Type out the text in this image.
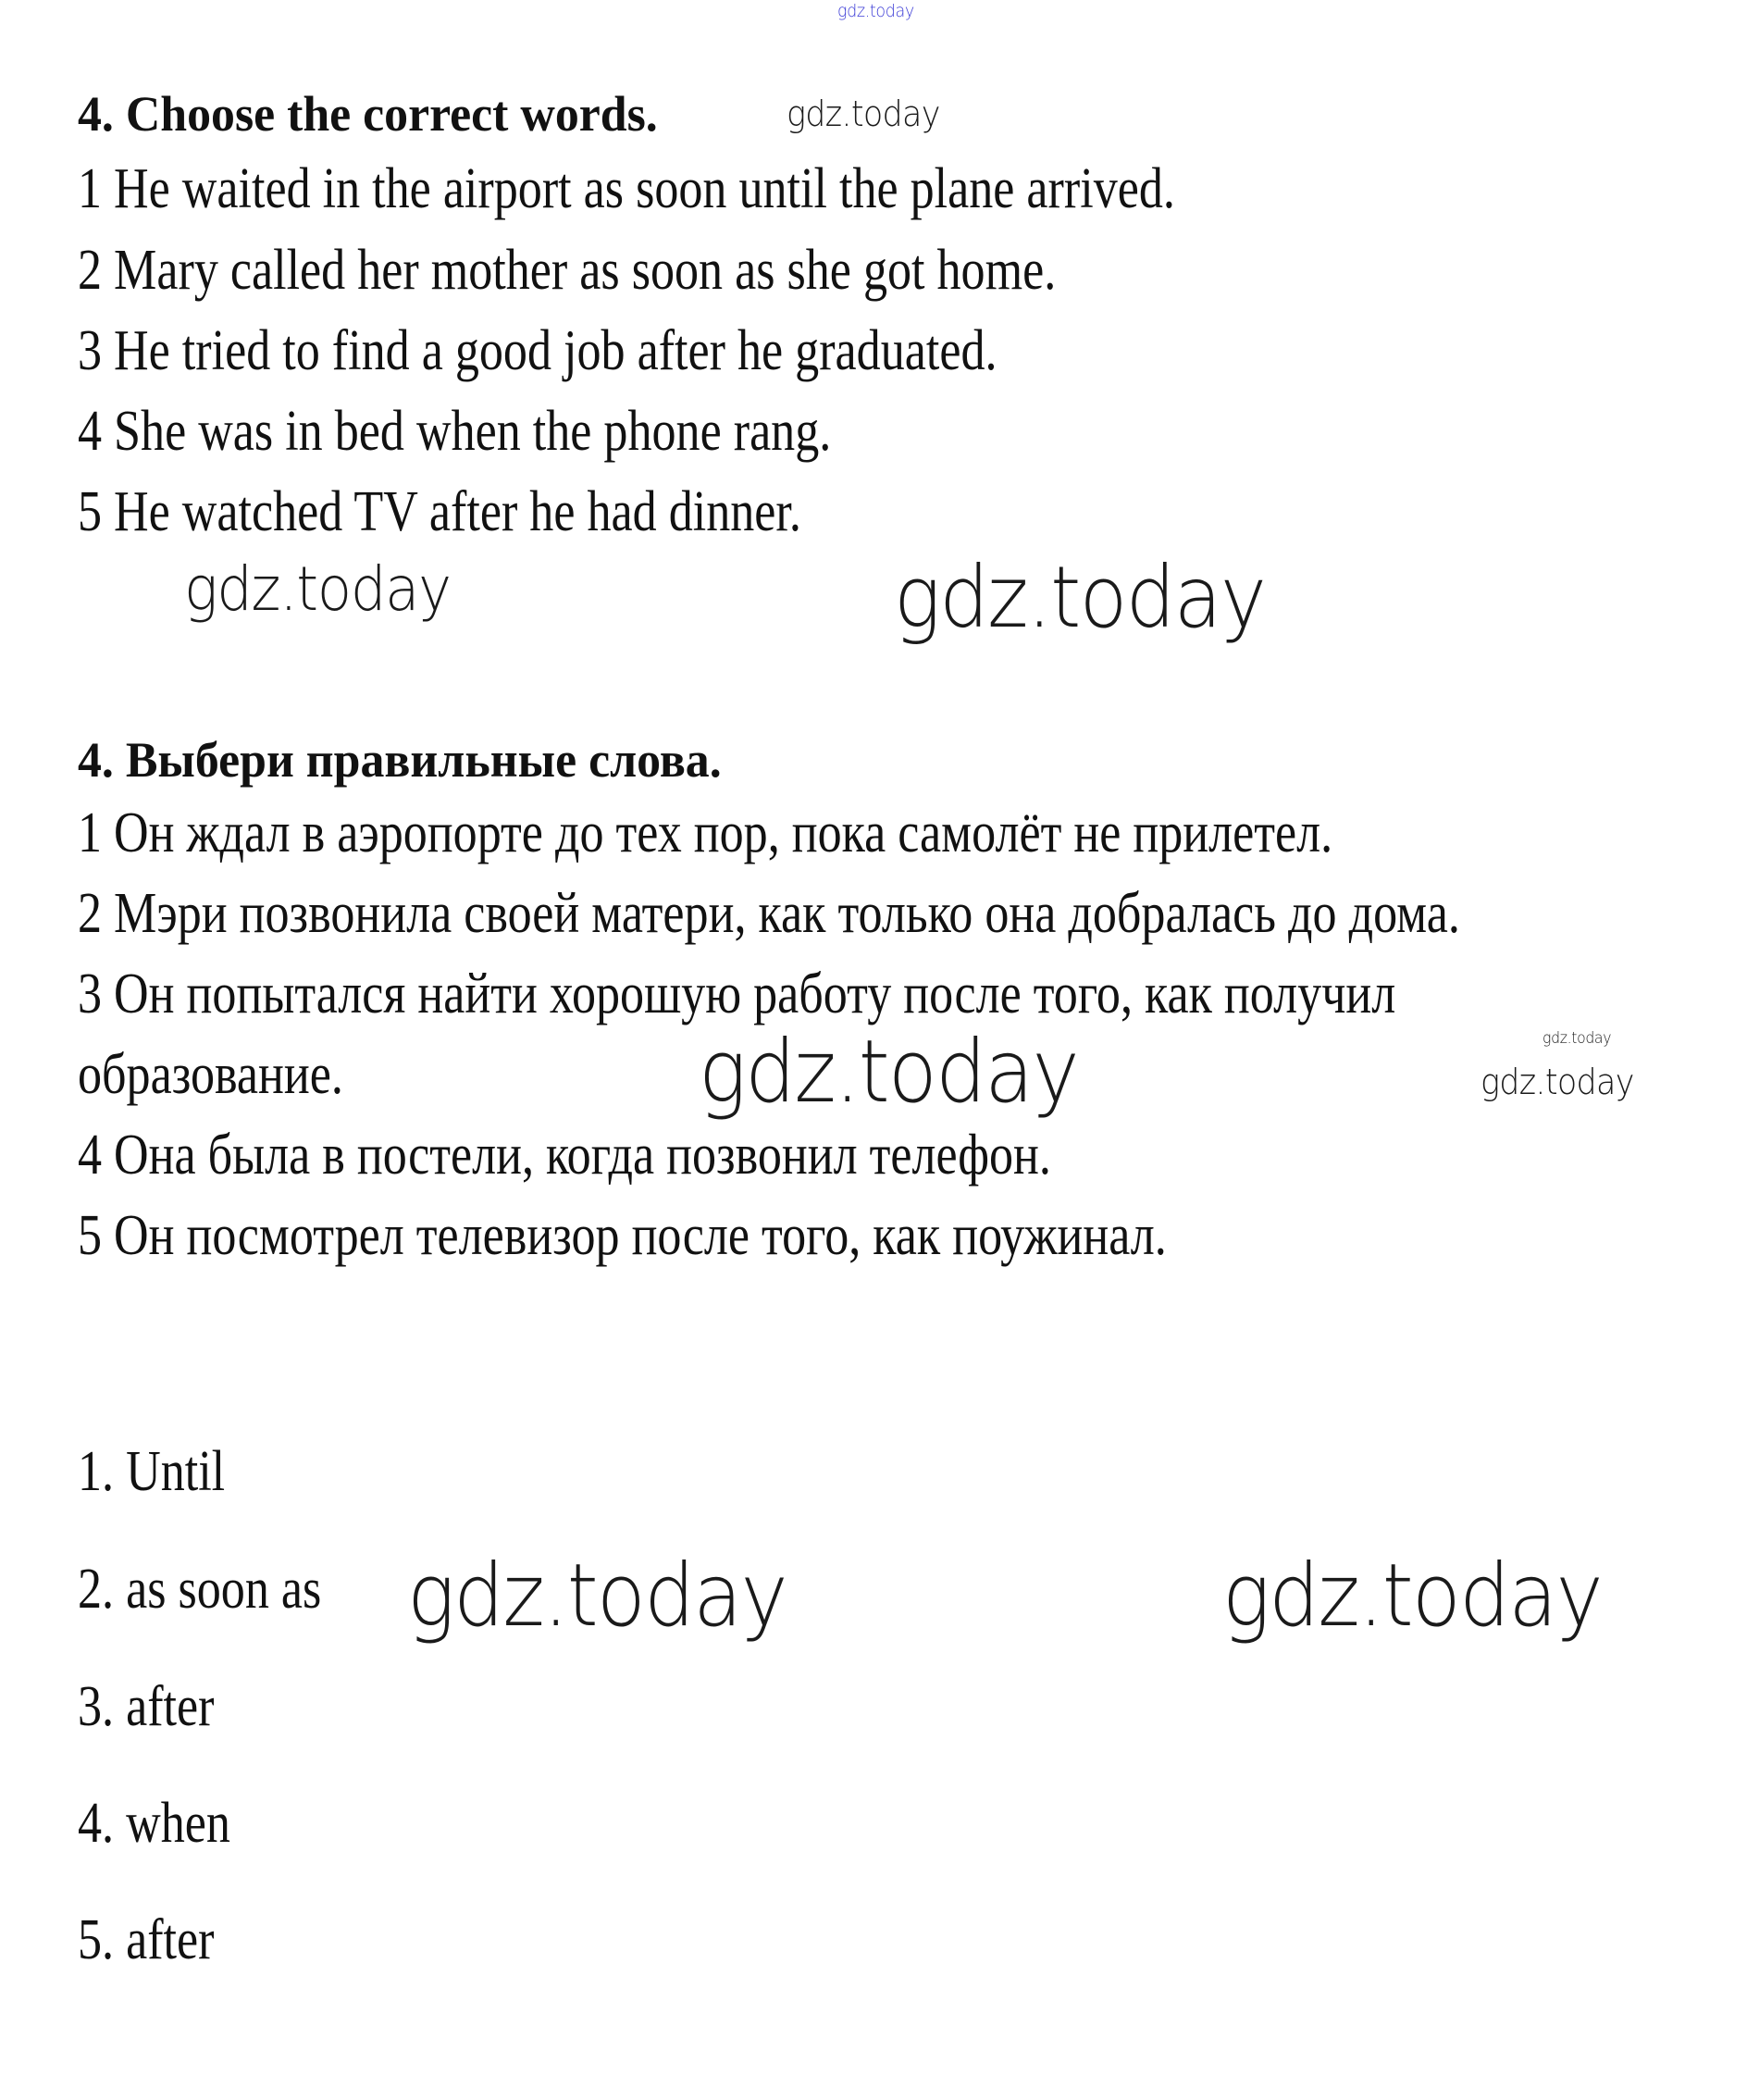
gdz.today
4. Choose the correct words.	gdz.today
1 He waited in the airport as soon until the plane arrived.
2 Mary called her mother as soon as she got home.
3 He tried to find a good job after he graduated.
4 She was in bed when the phone rang.
5 He watched TV after he had dinner.
gdz.today	gdz.today
4. Выбери правильные слова.
1 Он ждал в аэропорте до тех пор, пока самолёт не прилетел.
2 Мэри позвонила своей матери, как только она добралась до дома.
3 Он попытался найти хорошую работу после того, как получил
gdz.today
gdz.today
образование.	gdz.today
4 Она была в постели, когда позвонил телефон.
5 Он посмотрел телевизор после того, как поужинал.
1. Until
2. as soon as gdz.today	gdz.today
3. after
4. when
5. after
